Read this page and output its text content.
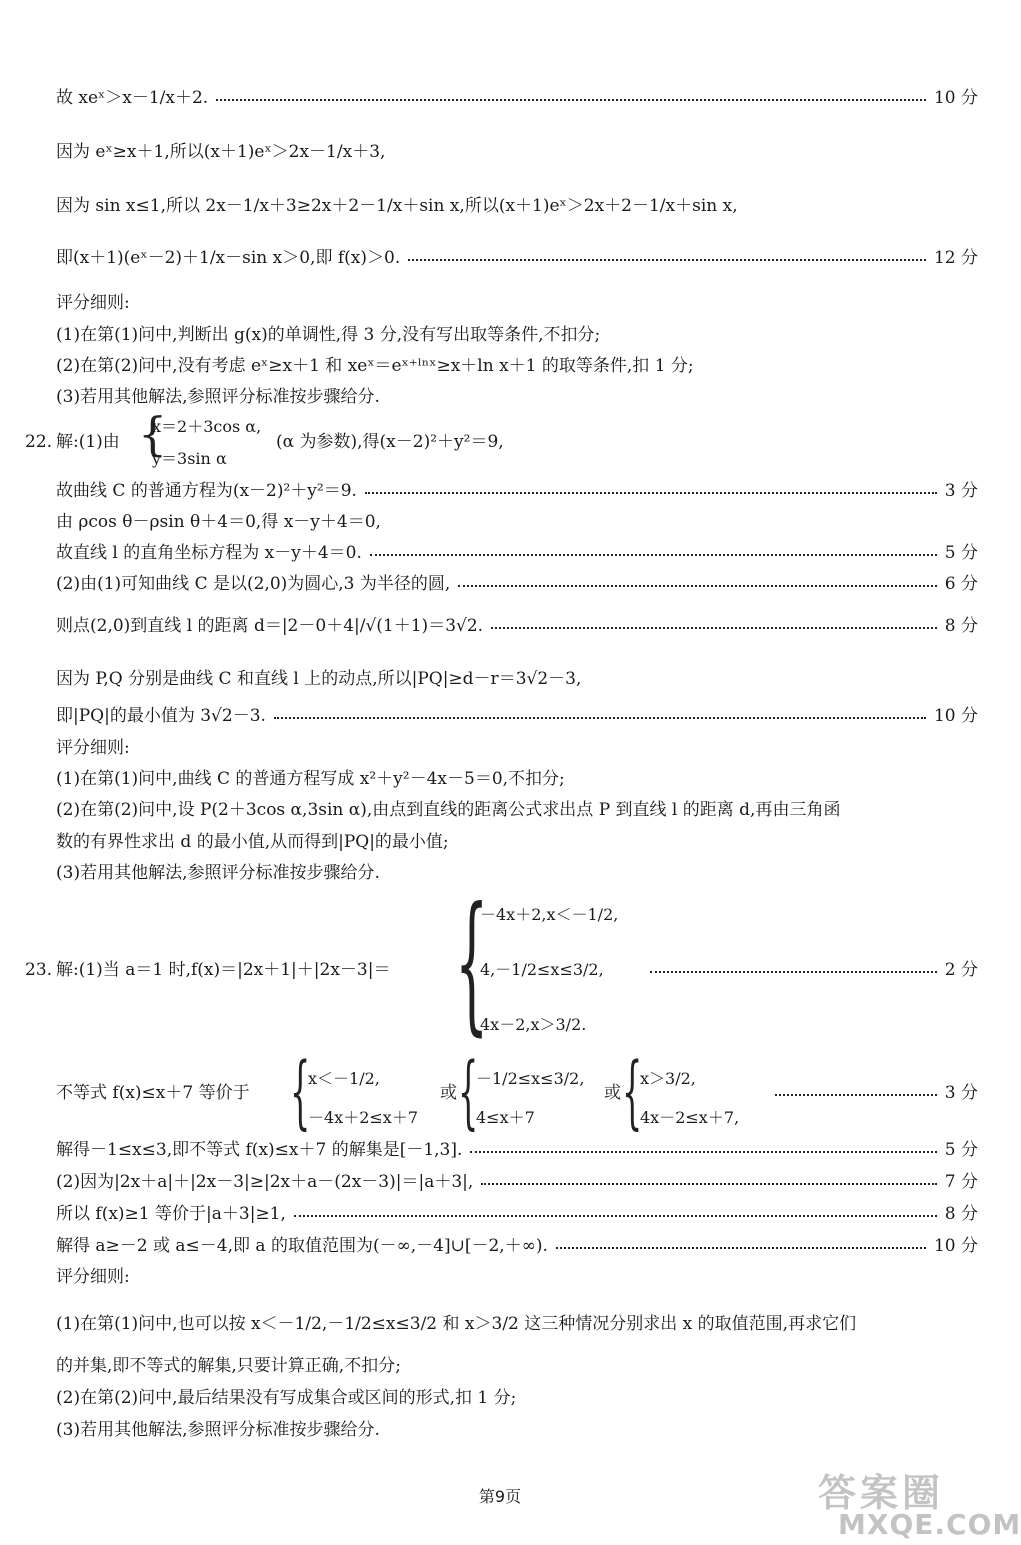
故 xeˣ＞x－1/x＋2.	10 分
因为 eˣ≥x＋1,所以(x＋1)eˣ＞2x－1/x＋3,
因为 sin x≤1,所以 2x－1/x＋3≥2x＋2－1/x＋sin x,所以(x＋1)eˣ＞2x＋2－1/x＋sin x,
即(x＋1)(eˣ－2)＋1/x－sin x＞0,即 f(x)＞0.	12 分
评分细则:
(1)在第(1)问中,判断出 g(x)的单调性,得 3 分,没有写出取等条件,不扣分;
(2)在第(2)问中,没有考虑 eˣ≥x＋1 和 xeˣ＝eˣ⁺ˡⁿˣ≥x＋ln x＋1 的取等条件,扣 1 分;
(3)若用其他解法,参照评分标准按步骤给分.
22. 解:(1)由 {
x＝2＋3cos α,
y＝3sin α
(α 为参数),得(x－2)²＋y²＝9,
故曲线 C 的普通方程为(x－2)²＋y²＝9.	3 分
由 ρcos θ－ρsin θ＋4＝0,得 x－y＋4＝0,
故直线 l 的直角坐标方程为 x－y＋4＝0.	5 分
(2)由(1)可知曲线 C 是以(2,0)为圆心,3 为半径的圆,	6 分
则点(2,0)到直线 l 的距离 d＝|2－0＋4|/√(1＋1)＝3√2.	8 分
因为 P,Q 分别是曲线 C 和直线 l 上的动点,所以|PQ|≥d－r＝3√2－3,
即|PQ|的最小值为 3√2－3.	10 分
评分细则:
(1)在第(1)问中,曲线 C 的普通方程写成 x²＋y²－4x－5＝0,不扣分;
(2)在第(2)问中,设 P(2＋3cos α,3sin α),由点到直线的距离公式求出点 P 到直线 l 的距离 d,再由三角函
数的有界性求出 d 的最小值,从而得到|PQ|的最小值;
(3)若用其他解法,参照评分标准按步骤给分.
23. 解:(1)当 a＝1 时,f(x)＝|2x＋1|＋|2x－3|＝ {
－4x＋2,x＜－1/2,
4,－1/2≤x≤3/2,
4x－2,x＞3/2.
2 分
不等式 f(x)≤x＋7 等价于 {
x＜－1/2,
－4x＋2≤x＋7
或 {
－1/2≤x≤3/2,
4≤x＋7
或 {
x＞3/2,
4x－2≤x＋7,
3 分
解得－1≤x≤3,即不等式 f(x)≤x＋7 的解集是[－1,3].	5 分
(2)因为|2x＋a|＋|2x－3|≥|2x＋a－(2x－3)|＝|a＋3|,	7 分
所以 f(x)≥1 等价于|a＋3|≥1,	8 分
解得 a≥－2 或 a≤－4,即 a 的取值范围为(－∞,－4]∪[－2,＋∞).	10 分
评分细则:
(1)在第(1)问中,也可以按 x＜－1/2,－1/2≤x≤3/2 和 x＞3/2 这三种情况分别求出 x 的取值范围,再求它们
的并集,即不等式的解集,只要计算正确,不扣分;
(2)在第(2)问中,最后结果没有写成集合或区间的形式,扣 1 分;
(3)若用其他解法,参照评分标准按步骤给分.
第9页	答案圈
MXQE.COM
